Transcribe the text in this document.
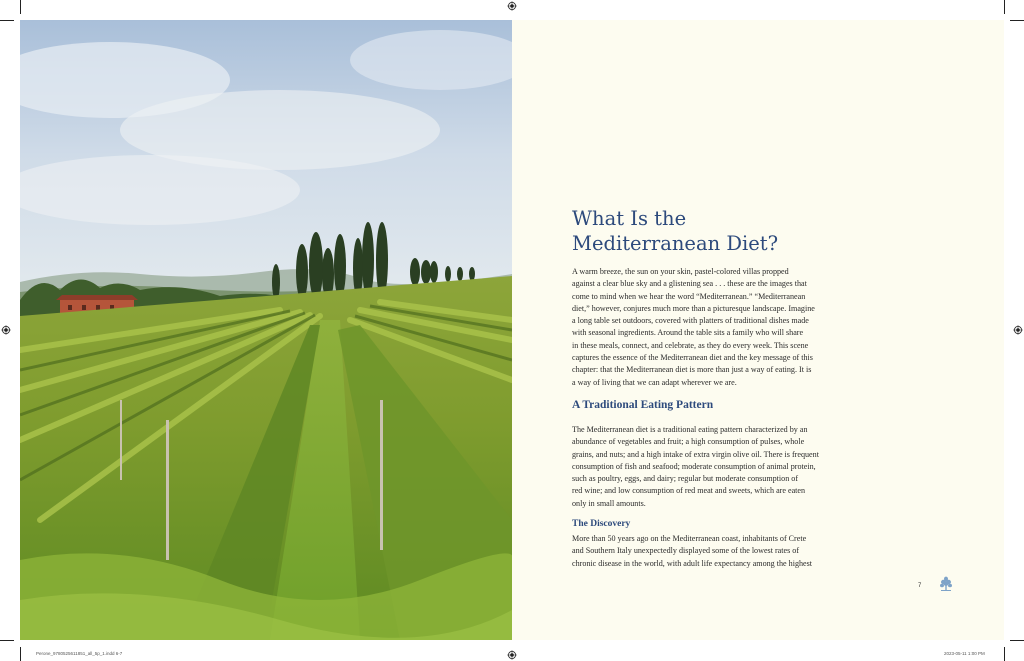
What Is the
Mediterranean Diet?

A warm breeze, the sun on your skin, pastel-colored villas propped
against a clear blue sky and a glistening sea . . . these are the images that
come to mind when we hear the word “Mediterranean.” “Mediterranean
diet,” however, conjures much more than a picturesque landscape. Imagine
a long table set outdoors, covered with platters of traditional dishes made
with seasonal ingredients. Around the table sits a family who will share
in these meals, connect, and celebrate, as they do every week. This scene
captures the essence of the Mediterranean diet and the key message of this
chapter: that the Mediterranean diet is more than just a way of eating. It is
a way of living that we can adapt wherever we are.

A Traditional Eating Pattern

The Mediterranean diet is a traditional eating pattern characterized by an
abundance of vegetables and fruit; a high consumption of pulses, whole
grains, and nuts; and a high intake of extra virgin olive oil. There is frequent
consumption of fish and seafood; moderate consumption of animal protein,
such as poultry, eggs, and dairy; regular but moderate consumption of
red wine; and low consumption of red meat and sweets, which are eaten
only in small amounts.

The Discovery

More than 50 years ago on the Mediterranean coast, inhabitants of Crete
and Southern Italy unexpectedly displayed some of the lowest rates of
chronic disease in the world, with adult life expectancy among the highest

7
Perone_9780525611851_all_5p_1.indd 6-7	2023-05-11 1:00 PM
